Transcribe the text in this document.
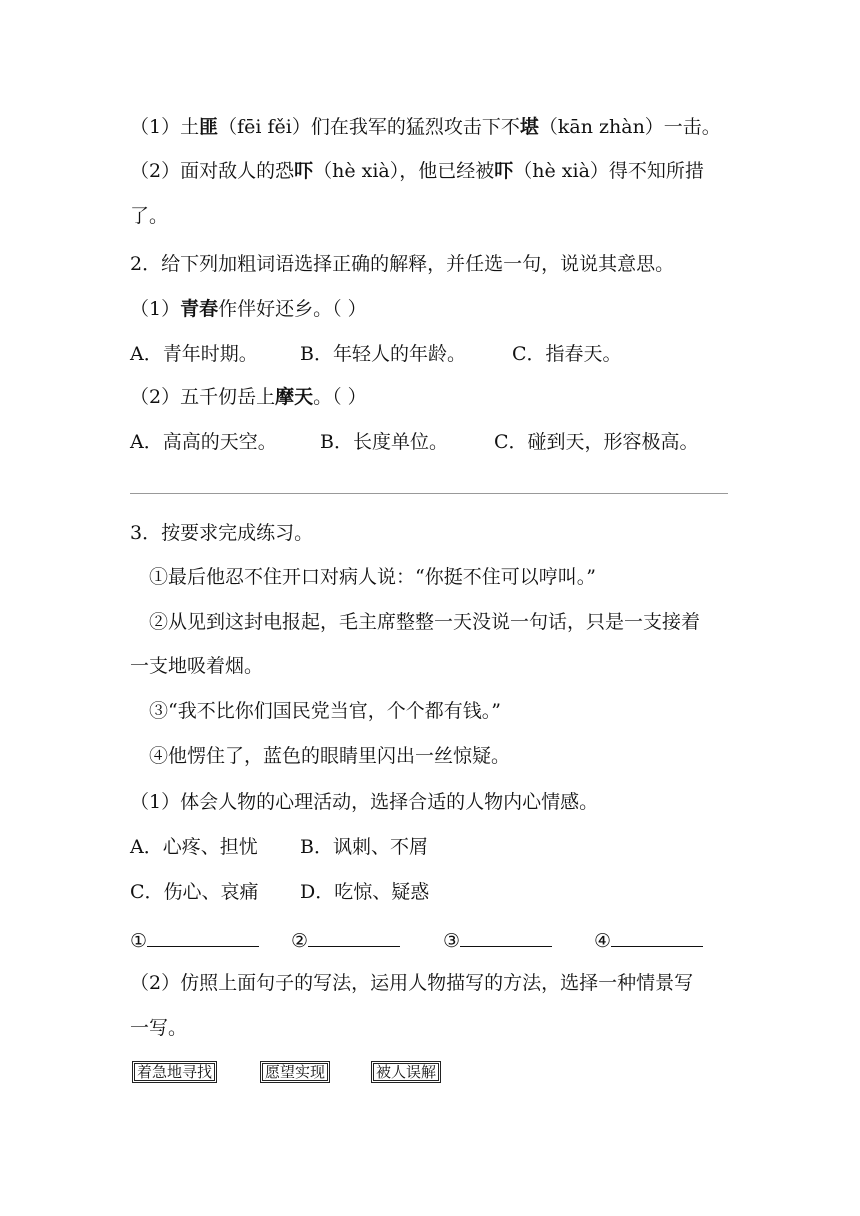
（1）土匪（fēi fěi）们在我军的猛烈攻击下不堪（kān zhàn）一击。
（2）面对敌人的恐吓（hè xià），他已经被吓（hè xià）得不知所措
了。
2．给下列加粗词语选择正确的解释，并任选一句，说说其意思。
（1）青春作伴好还乡。（ ）
A．青年时期。 B．年轻人的年龄。 C．指春天。
（2）五千仞岳上摩天。（ ）
A．高高的天空。 B．长度单位。 C．碰到天，形容极高。
3．按要求完成练习。
①最后他忍不住开口对病人说：“你挺不住可以哼叫。”
②从见到这封电报起，毛主席整整一天没说一句话，只是一支接着
一支地吸着烟。
③“我不比你们国民党当官，个个都有钱。”
④他愣住了，蓝色的眼睛里闪出一丝惊疑。
（1）体会人物的心理活动，选择合适的人物内心情感。
A．心疼、担忧 B．讽刺、不屑
C．伤心、哀痛 D．吃惊、疑惑
①	②	③	④
（2）仿照上面句子的写法，运用人物描写的方法，选择一种情景写
一写。
着急地寻找	愿望实现	被人误解
